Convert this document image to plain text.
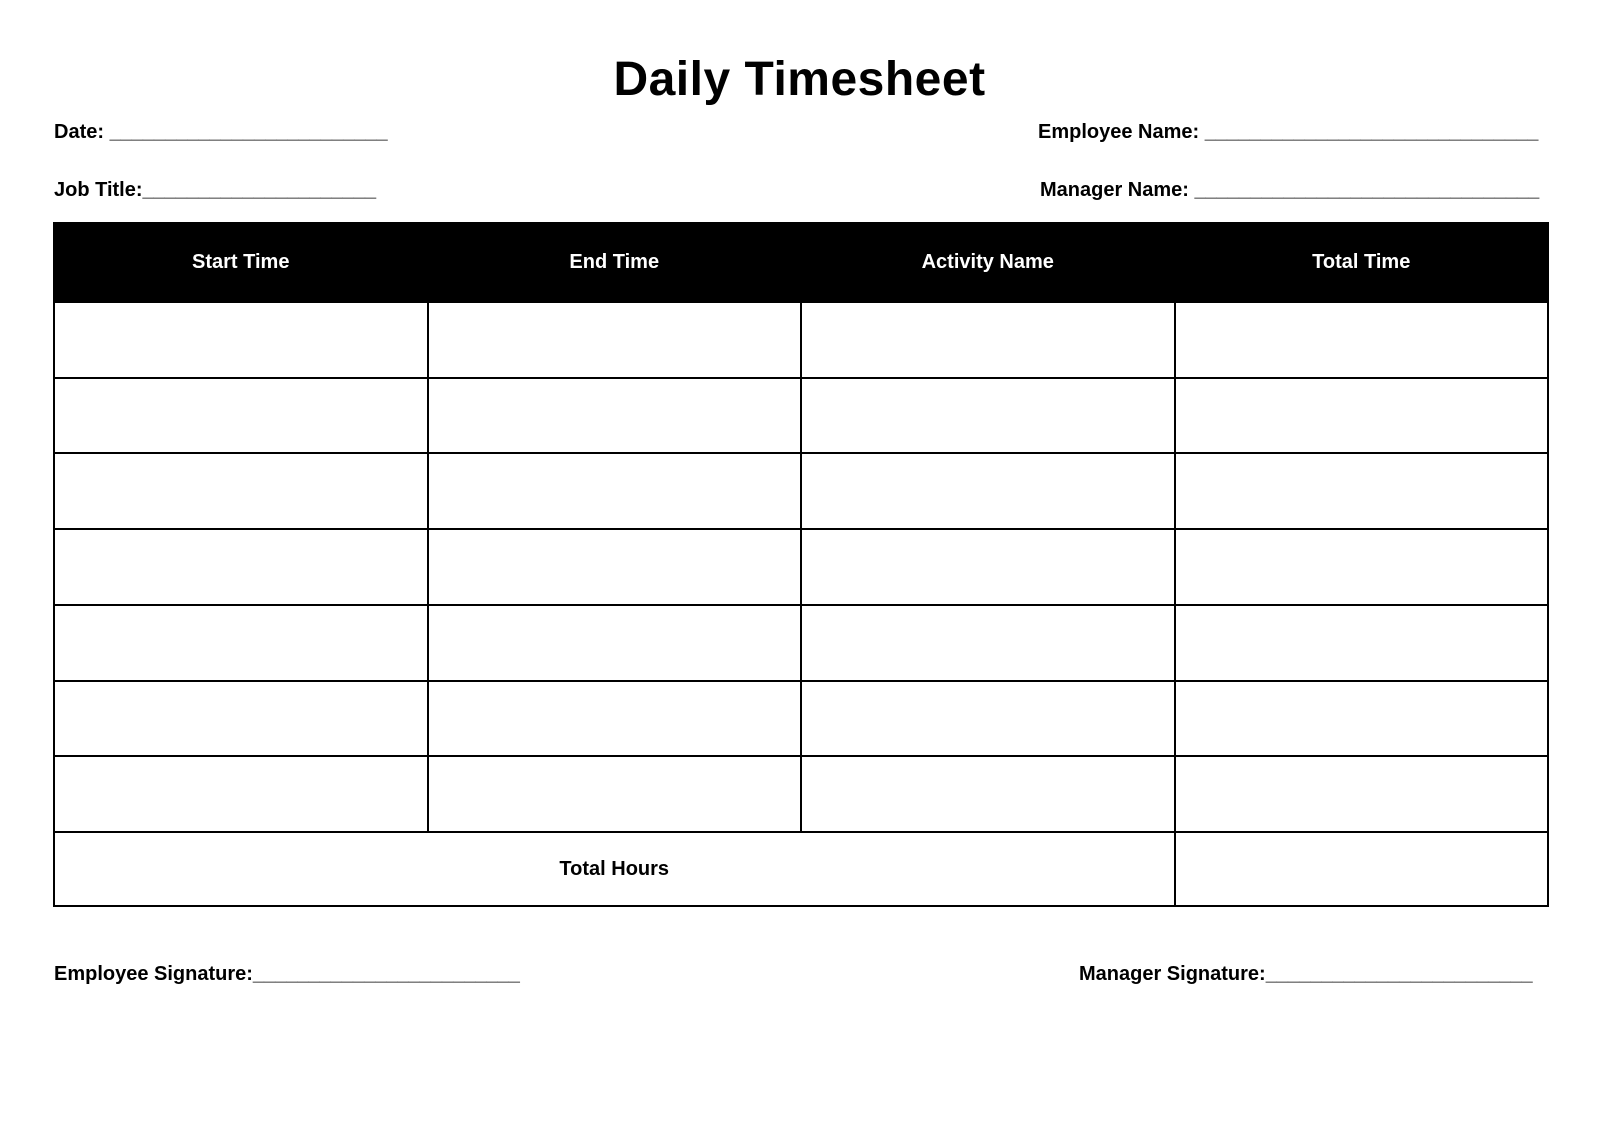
Daily Timesheet
Date: _________________________	Employee Name: ______________________________
Job Title:_____________________	Manager Name: _______________________________
Start Time	End Time	Activity Name	Total Time

Total Hours			
Employee Signature:________________________	Manager Signature:________________________
